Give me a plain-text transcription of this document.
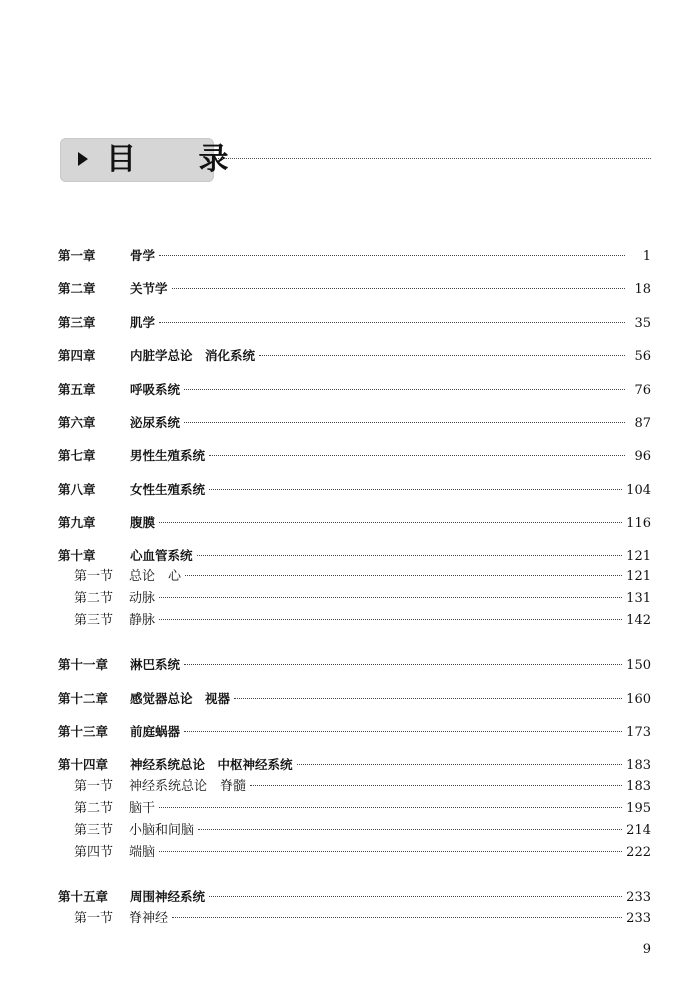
目 录
第一章	骨学	1
第二章	关节学	18
第三章	肌学	35
第四章	内脏学总论　消化系统	56
第五章	呼吸系统	76
第六章	泌尿系统	87
第七章	男性生殖系统	96
第八章	女性生殖系统	104
第九章	腹膜	116
第十章	心血管系统	121
第一节	总论　心	121
第二节	动脉	131
第三节	静脉	142
第十一章	淋巴系统	150
第十二章	感觉器总论　视器	160
第十三章	前庭蜗器	173
第十四章	神经系统总论　中枢神经系统	183
第一节	神经系统总论　脊髓	183
第二节	脑干	195
第三节	小脑和间脑	214
第四节	端脑	222
第十五章	周围神经系统	233
第一节	脊神经	233
9
